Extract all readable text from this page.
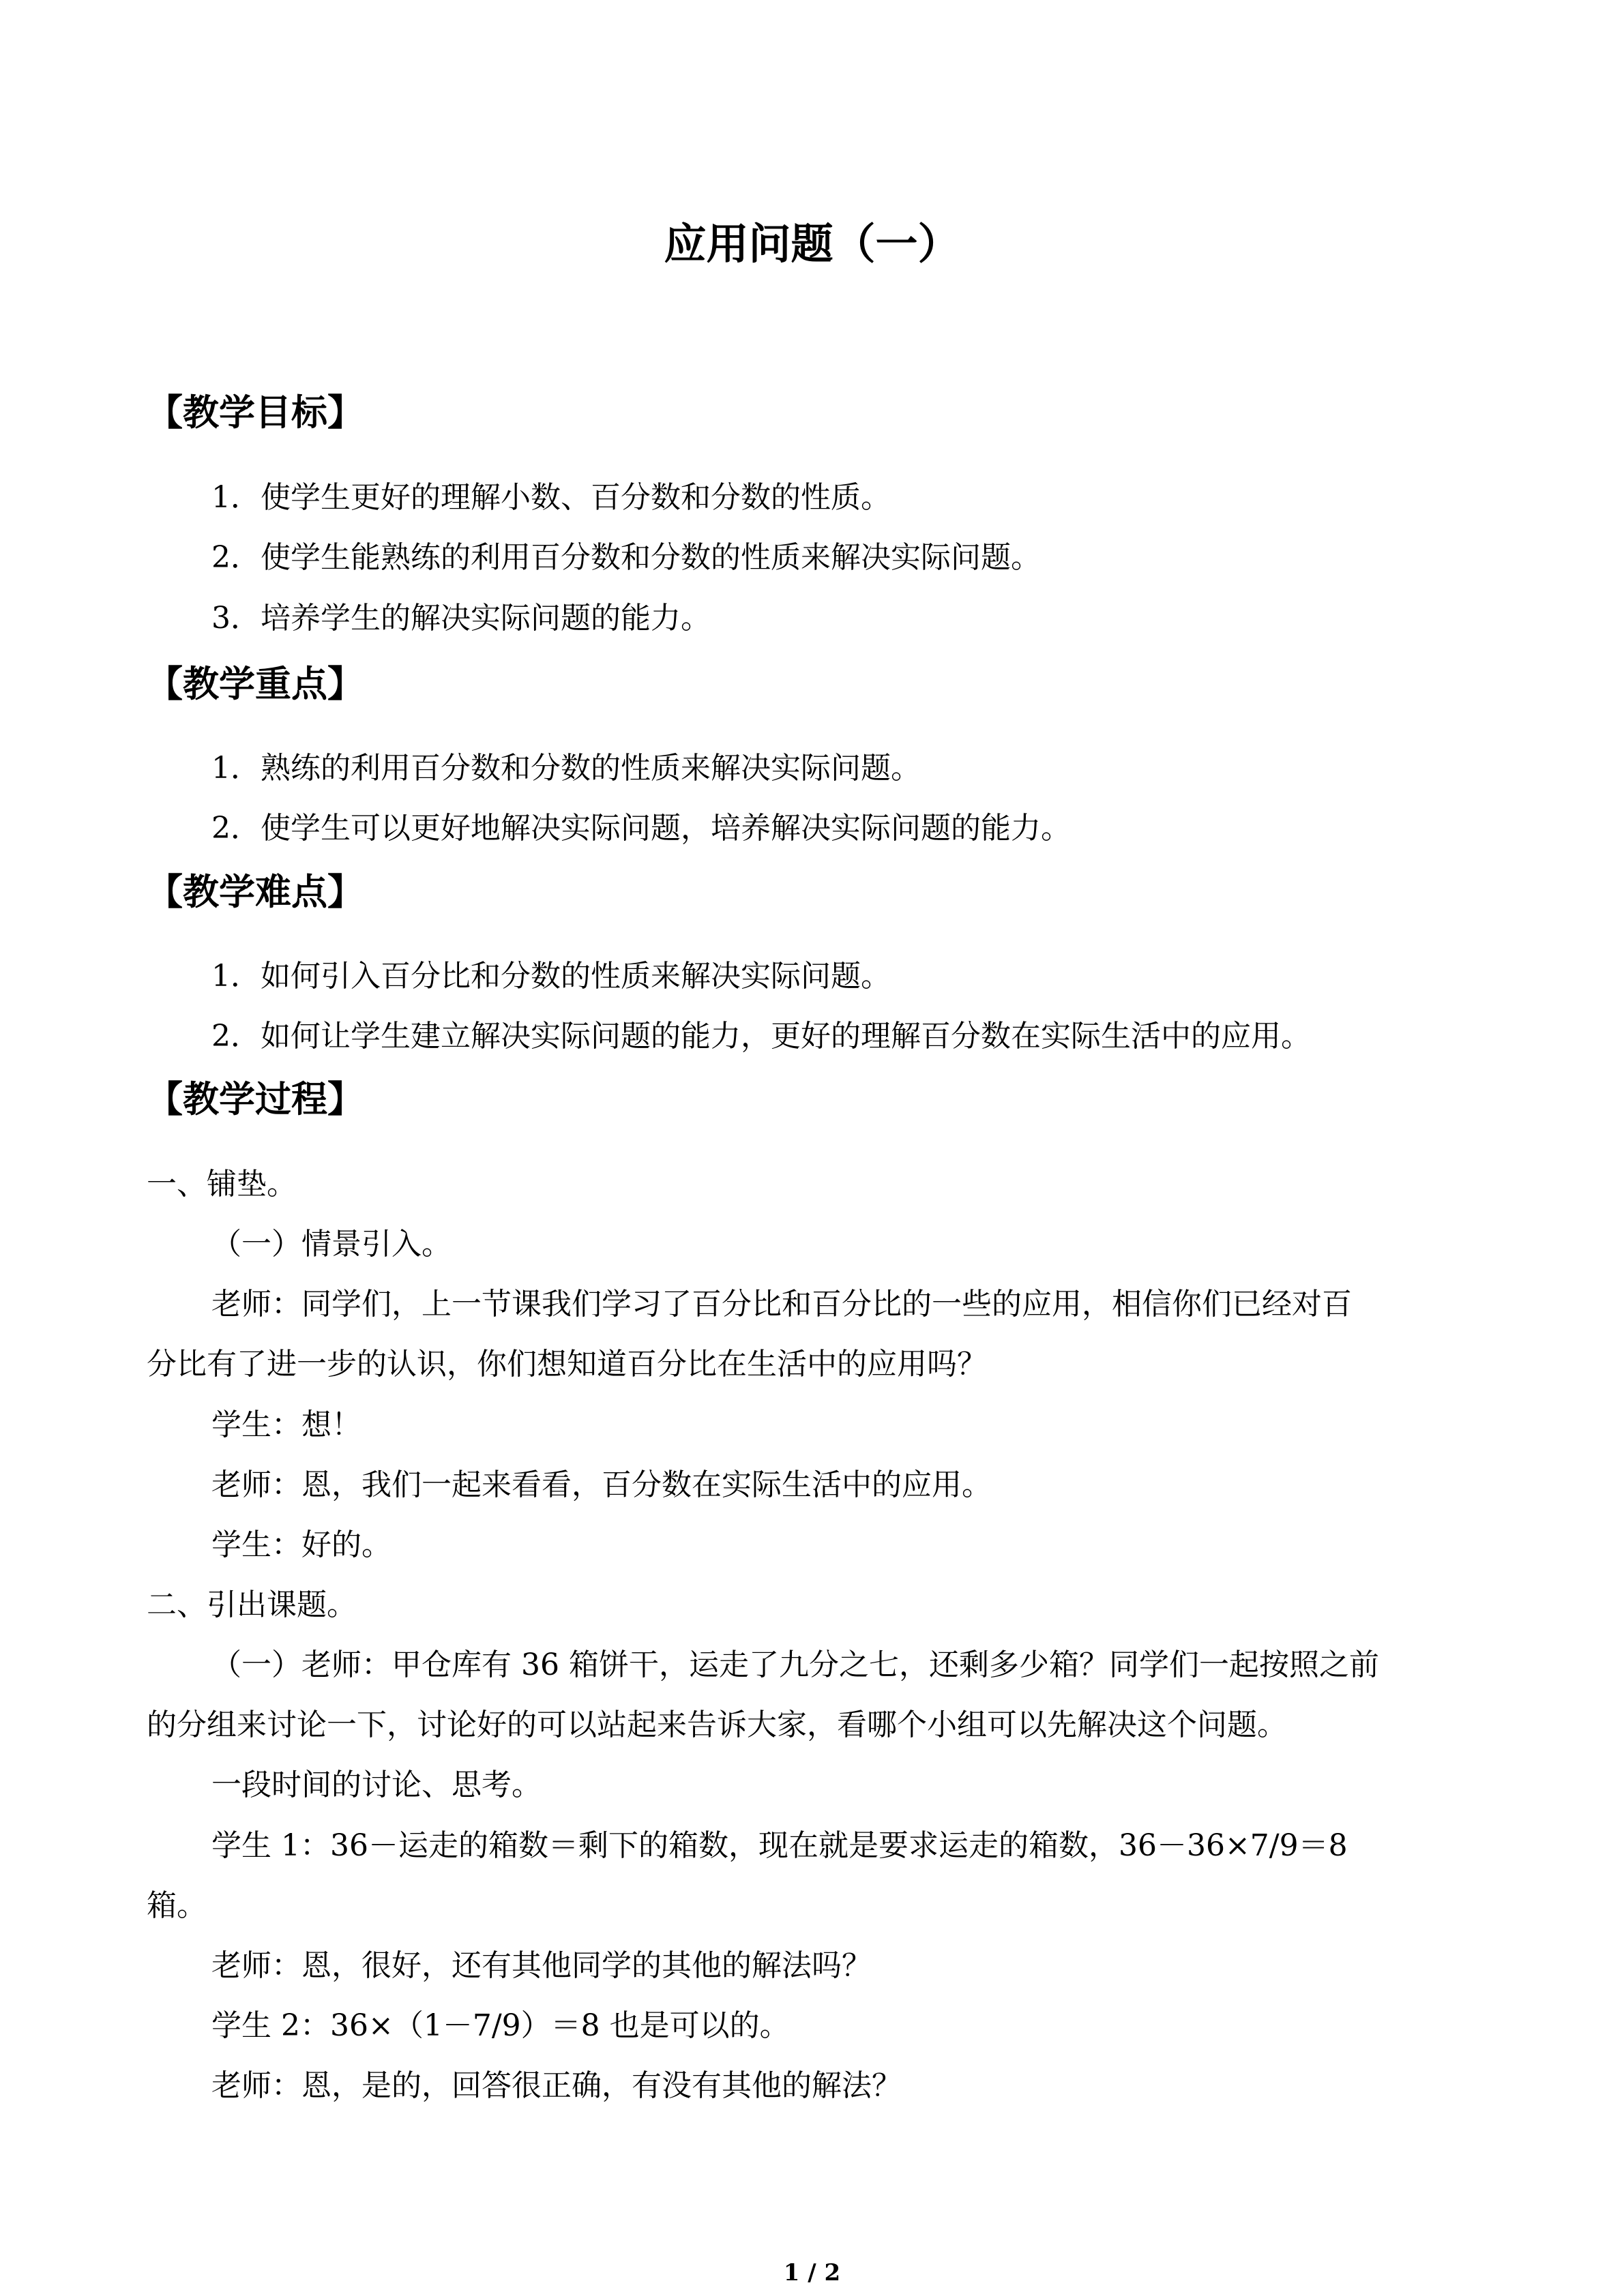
应用问题（一）
【教学目标】
1．使学生更好的理解小数、百分数和分数的性质。
2．使学生能熟练的利用百分数和分数的性质来解决实际问题。
3．培养学生的解决实际问题的能力。
【教学重点】
1．熟练的利用百分数和分数的性质来解决实际问题。
2．使学生可以更好地解决实际问题，培养解决实际问题的能力。
【教学难点】
1．如何引入百分比和分数的性质来解决实际问题。
2．如何让学生建立解决实际问题的能力，更好的理解百分数在实际生活中的应用。
【教学过程】
一、铺垫。
（一）情景引入。
老师：同学们，上一节课我们学习了百分比和百分比的一些的应用，相信你们已经对百
分比有了进一步的认识，你们想知道百分比在生活中的应用吗？
学生：想！
老师：恩，我们一起来看看，百分数在实际生活中的应用。
学生：好的。
二、引出课题。
（一）老师：甲仓库有 36 箱饼干，运走了九分之七，还剩多少箱？同学们一起按照之前
的分组来讨论一下，讨论好的可以站起来告诉大家，看哪个小组可以先解决这个问题。
一段时间的讨论、思考。
学生 1：36－运走的箱数＝剩下的箱数，现在就是要求运走的箱数，36－36×7/9＝8
箱。
老师：恩，很好，还有其他同学的其他的解法吗？
学生 2：36×（1－7/9）＝8 也是可以的。
老师：恩，是的，回答很正确，有没有其他的解法？
1 / 2
